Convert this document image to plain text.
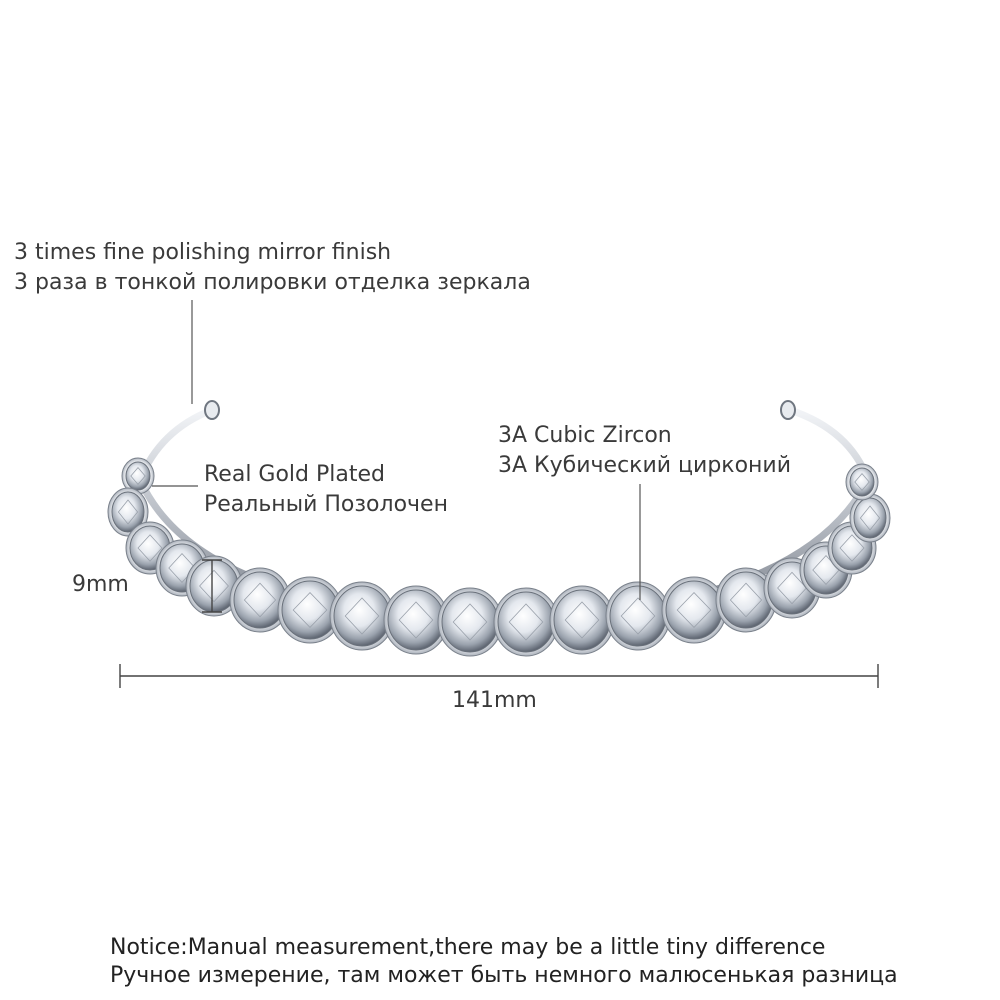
3 times fine polishing mirror finish
3 раза в тонкой полировки отделка зеркала
3A Cubic Zircon
3A Кубический цирконий
Real Gold Plated
Реальный Позолочен
9mm
141mm
Notice:Manual measurement,there may be a little tiny difference
Ручное измерение, там может быть немного малюсенькая разница
